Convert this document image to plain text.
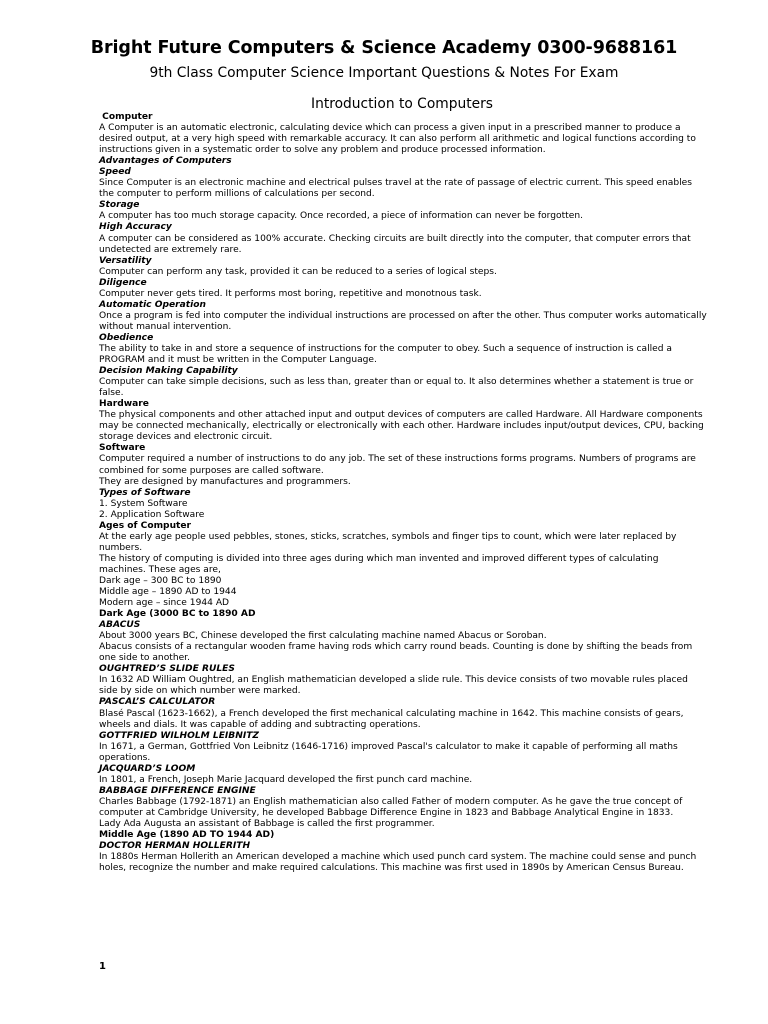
Bright Future Computers & Science Academy 0300-9688161
9th Class Computer Science Important Questions & Notes For Exam
Introduction to Computers
Computer
A Computer is an automatic electronic, calculating device which can process a given input in a prescribed manner to produce a desired output, at a very high speed with remarkable accuracy. It can also perform all arithmetic and logical functions according to instructions given in a systematic order to solve any problem and produce processed information.
Advantages of Computers
Speed
Since Computer is an electronic machine and electrical pulses travel at the rate of passage of electric current. This speed enables the computer to perform millions of calculations per second.
Storage
A computer has too much storage capacity. Once recorded, a piece of information can never be forgotten.
High Accuracy
A computer can be considered as 100% accurate. Checking circuits are built directly into the computer, that computer errors that undetected are extremely rare.
Versatility
Computer can perform any task, provided it can be reduced to a series of logical steps.
Diligence
Computer never gets tired. It performs most boring, repetitive and monotnous task.
Automatic Operation
Once a program is fed into computer the individual instructions are processed on after the other. Thus computer works automatically without manual intervention.
Obedience
The ability to take in and store a sequence of instructions for the computer to obey. Such a sequence of instruction is called a PROGRAM and it must be written in the Computer Language.
Decision Making Capability
Computer can take simple decisions, such as less than, greater than or equal to. It also determines whether a statement is true or false.
Hardware
The physical components and other attached input and output devices of computers are called Hardware. All Hardware components may be connected mechanically, electrically or electronically with each other. Hardware includes input/output devices, CPU, backing storage devices and electronic circuit.
Software
Computer required a number of instructions to do any job. The set of these instructions forms programs. Numbers of programs are combined for some purposes are called software.
They are designed by manufactures and programmers.
Types of Software
1. System Software
2. Application Software
Ages of Computer
At the early age people used pebbles, stones, sticks, scratches, symbols and finger tips to count, which were later replaced by numbers.
The history of computing is divided into three ages during which man invented and improved different types of calculating machines. These ages are,
Dark age – 300 BC to 1890
Middle age – 1890 AD to 1944
Modern age – since 1944 AD
Dark Age (3000 BC to 1890 AD
ABACUS
About 3000 years BC, Chinese developed the first calculating machine named Abacus or Soroban.
Abacus consists of a rectangular wooden frame having rods which carry round beads. Counting is done by shifting the beads from one side to another.
OUGHTRED’S SLIDE RULES
In 1632 AD William Oughtred, an English mathematician developed a slide rule. This device consists of two movable rules placed side by side on which number were marked.
PASCAL’S CALCULATOR
Blasé Pascal (1623-1662), a French developed the first mechanical calculating machine in 1642. This machine consists of gears, wheels and dials. It was capable of adding and subtracting operations.
GOTTFRIED WILHOLM LEIBNITZ
In 1671, a German, Gottfried Von Leibnitz (1646-1716) improved Pascal's calculator to make it capable of performing all maths operations.
JACQUARD’S LOOM
In 1801, a French, Joseph Marie Jacquard developed the first punch card machine.
BABBAGE DIFFERENCE ENGINE
Charles Babbage (1792-1871) an English mathematician also called Father of modern computer. As he gave the true concept of computer at Cambridge University, he developed Babbage Difference Engine in 1823 and Babbage Analytical Engine in 1833.
Lady Ada Augusta an assistant of Babbage is called the first programmer.
Middle Age (1890 AD TO 1944 AD)
DOCTOR HERMAN HOLLERITH
In 1880s Herman Hollerith an American developed a machine which used punch card system. The machine could sense and punch holes, recognize the number and make required calculations. This machine was first used in 1890s by American Census Bureau.
1
